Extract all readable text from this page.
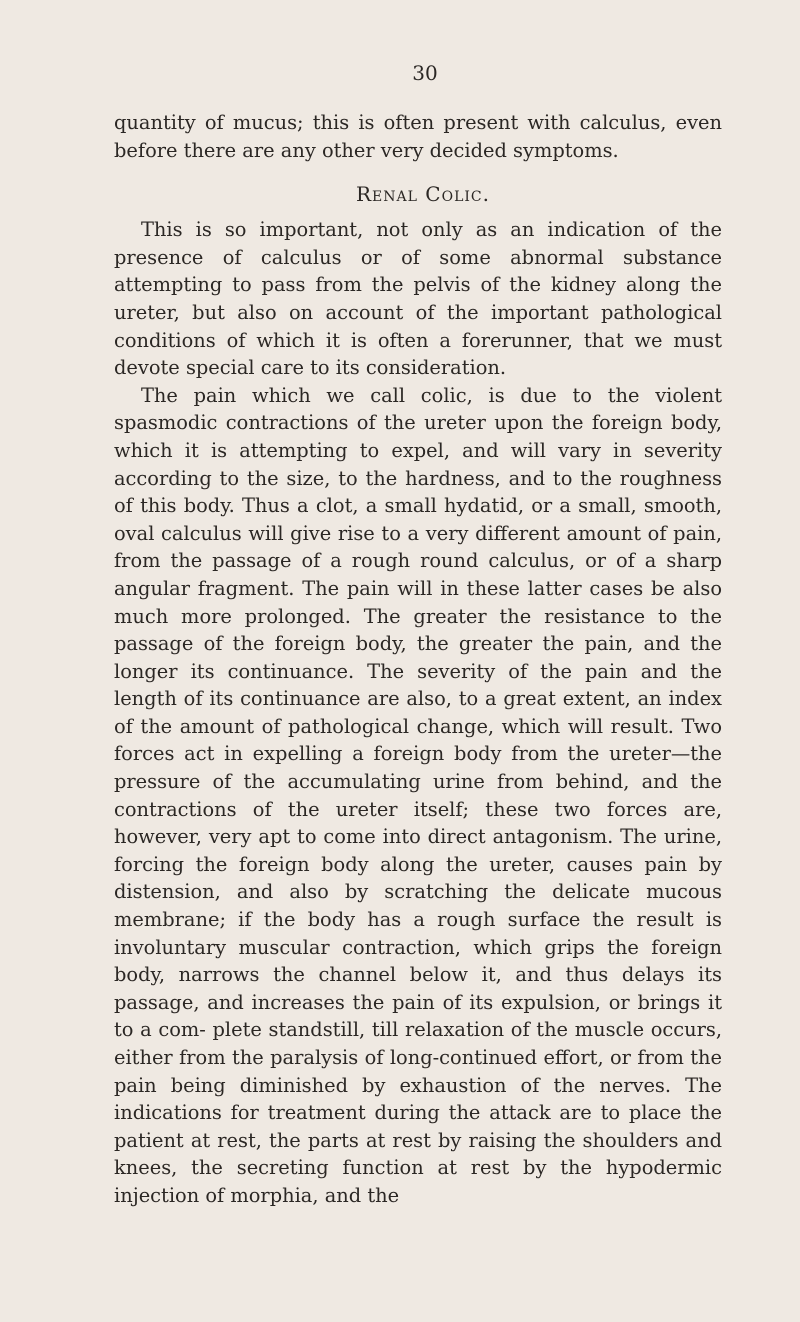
30

quantity of mucus; this is often present with calculus, even before there are any other very decided symptoms.

Renal Colic.

This is so important, not only as an indication of the presence of calculus or of some abnormal substance attempting to pass from the pelvis of the kidney along the ureter, but also on account of the important pathological conditions of which it is often a forerunner, that we must devote special care to its consideration.

The pain which we call colic, is due to the violent spasmodic contractions of the ureter upon the foreign body, which it is attempting to expel, and will vary in severity according to the size, to the hardness, and to the roughness of this body. Thus a clot, a small hydatid, or a small, smooth, oval calculus will give rise to a very different amount of pain, from the passage of a rough round calculus, or of a sharp angular fragment. The pain will in these latter cases be also much more prolonged. The greater the resistance to the passage of the foreign body, the greater the pain, and the longer its continuance. The severity of the pain and the length of its continuance are also, to a great extent, an index of the amount of pathological change, which will result. Two forces act in expelling a foreign body from the ureter—the pressure of the accumulating urine from behind, and the contractions of the ureter itself; these two forces are, however, very apt to come into direct antagonism. The urine, forcing the foreign body along the ureter, causes pain by distension, and also by scratching the delicate mucous membrane; if the body has a rough surface the result is involuntary muscular contraction, which grips the foreign body, narrows the channel below it, and thus delays its passage, and increases the pain of its expulsion, or brings it to a com- plete standstill, till relaxation of the muscle occurs, either from the paralysis of long-continued effort, or from the pain being diminished by exhaustion of the nerves. The indications for treatment during the attack are to place the patient at rest, the parts at rest by raising the shoulders and knees, the secreting function at rest by the hypodermic injection of morphia, and the
